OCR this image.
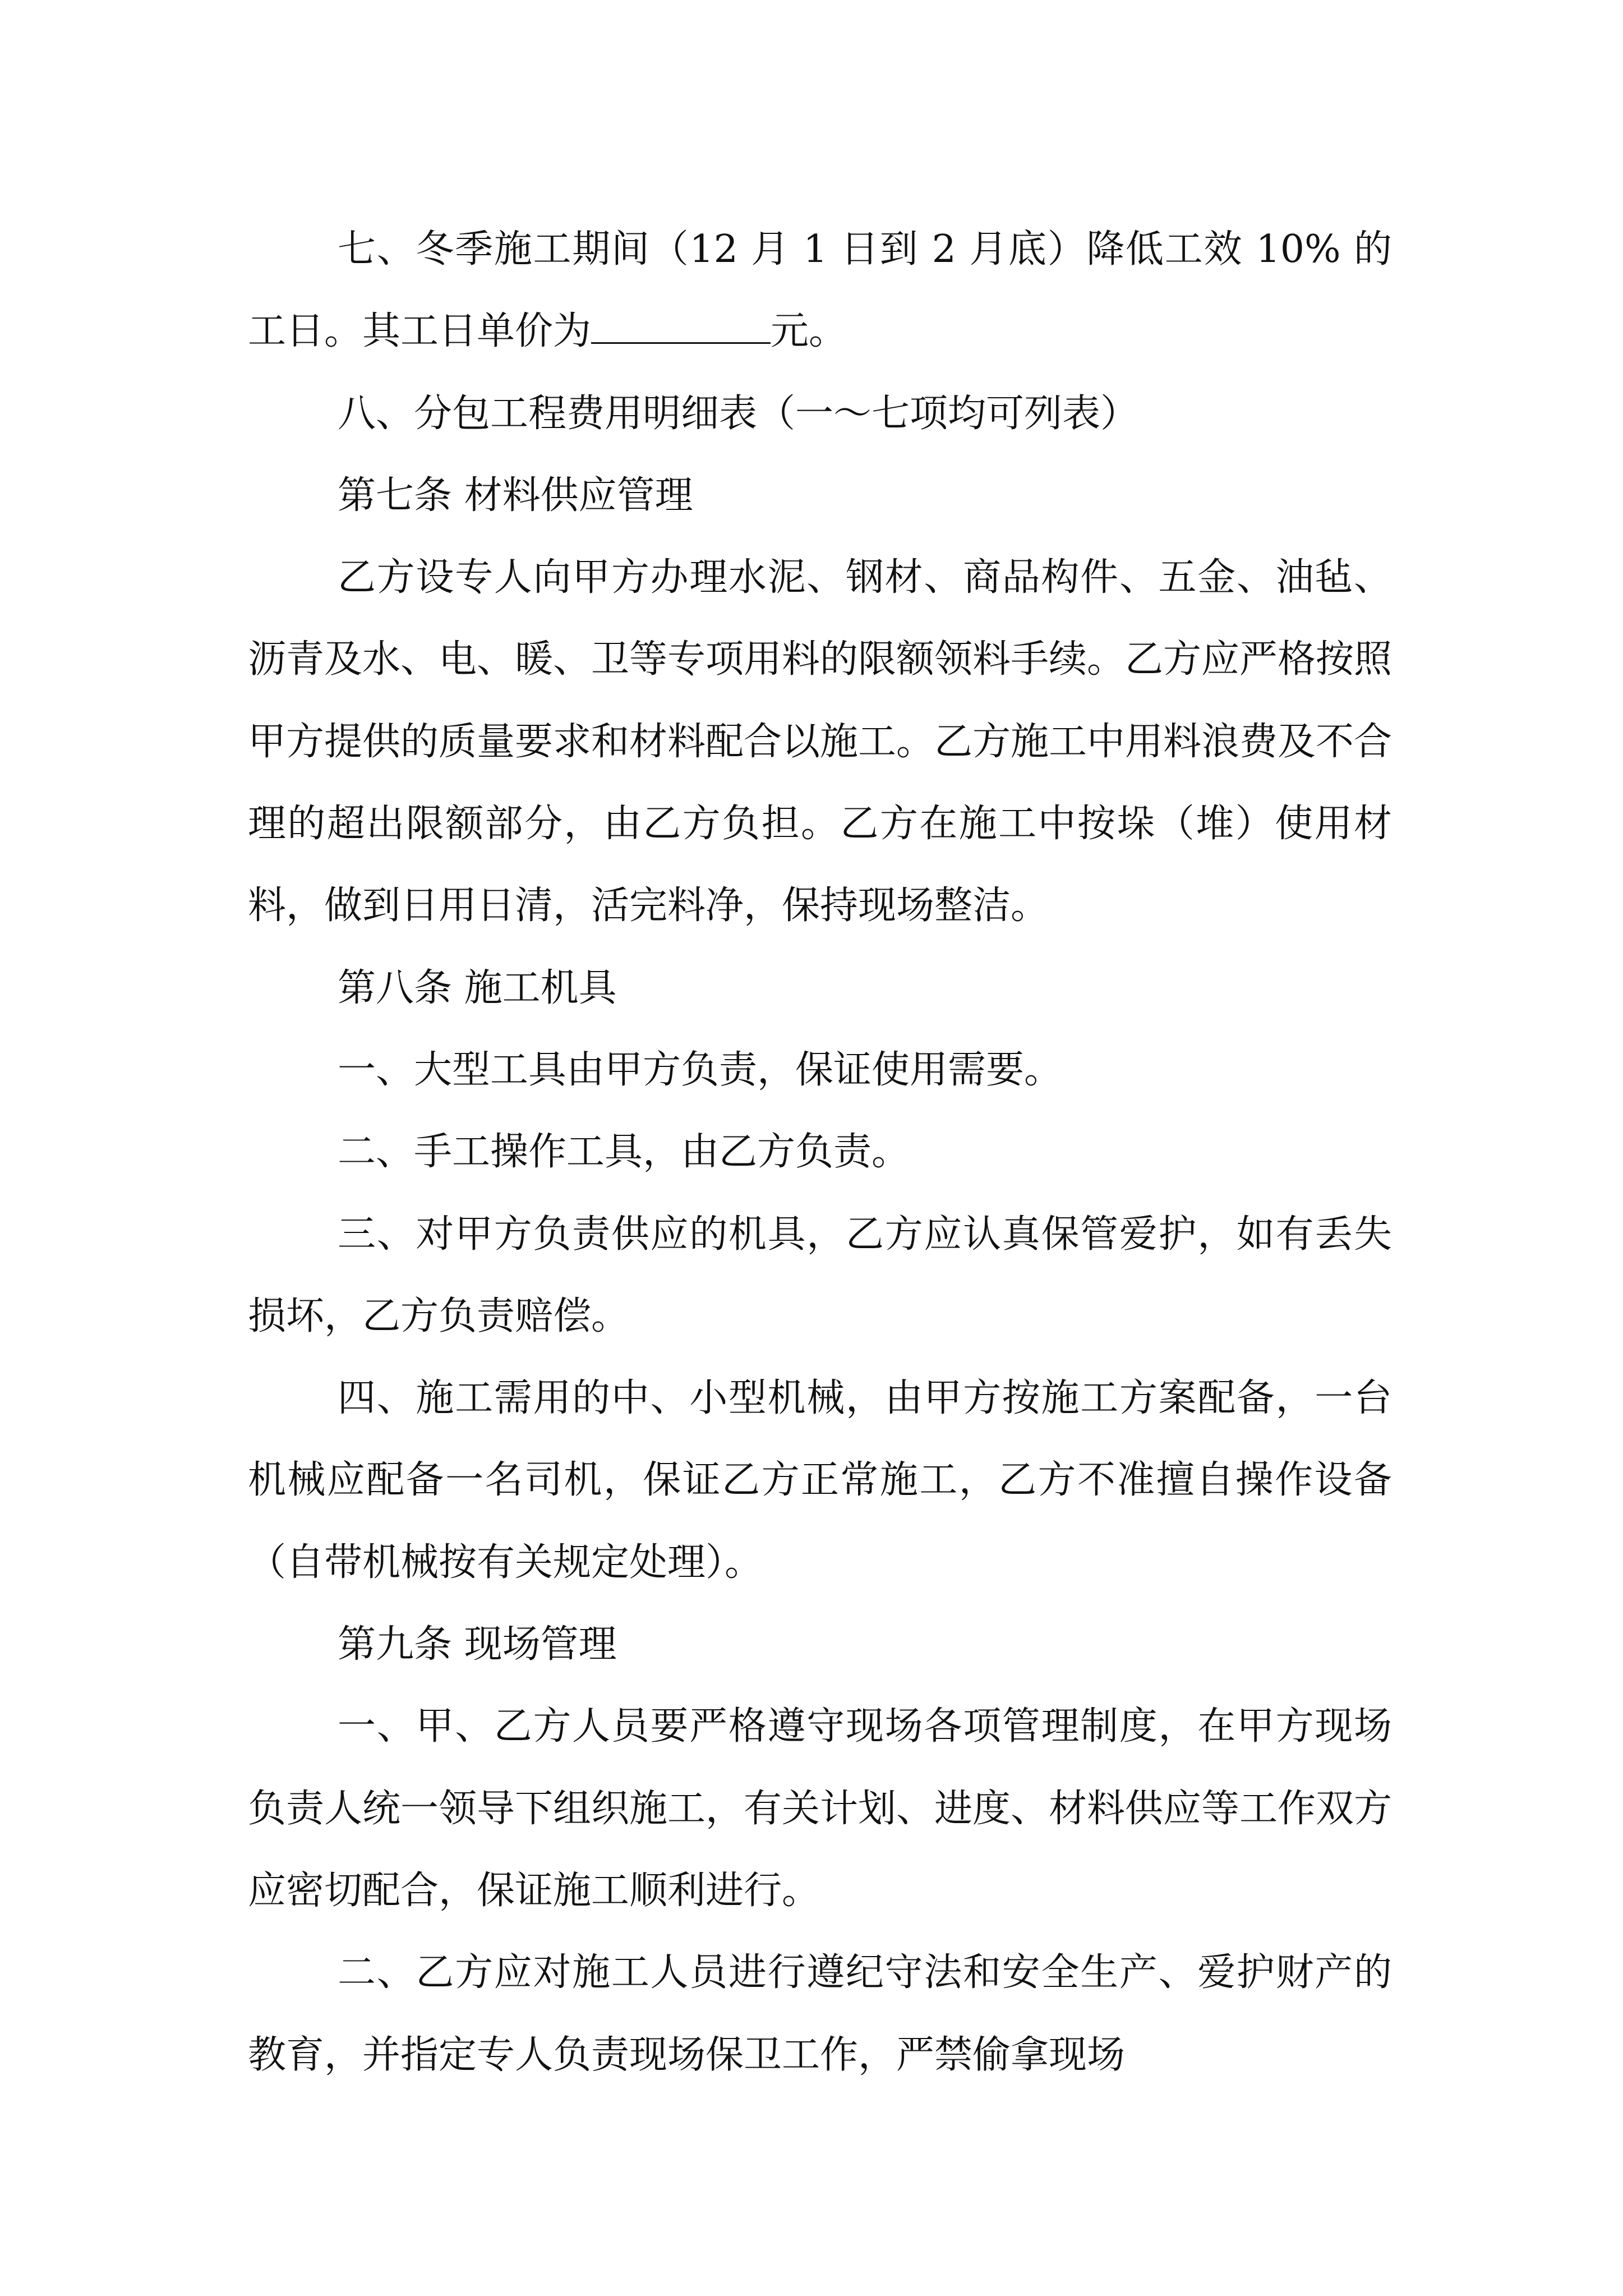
七、冬季施工期间（12 月 1 日到 2 月底）降低工效 10% 的工日。其工日单价为	元。

八、分包工程费用明细表（一～七项均可列表）

第七条 材料供应管理

乙方设专人向甲方办理水泥、钢材、商品构件、五金、油毡、沥青及水、电、暖、卫等专项用料的限额领料手续。乙方应严格按照甲方提供的质量要求和材料配合以施工。乙方施工中用料浪费及不合理的超出限额部分，由乙方负担。乙方在施工中按垛（堆）使用材料，做到日用日清，活完料净，保持现场整洁。

第八条 施工机具

一、大型工具由甲方负责，保证使用需要。

二、手工操作工具，由乙方负责。

三、对甲方负责供应的机具，乙方应认真保管爱护，如有丢失损坏，乙方负责赔偿。

四、施工需用的中、小型机械，由甲方按施工方案配备，一台机械应配备一名司机，保证乙方正常施工，乙方不准擅自操作设备（自带机械按有关规定处理）。

第九条 现场管理

一、甲、乙方人员要严格遵守现场各项管理制度，在甲方现场负责人统一领导下组织施工，有关计划、进度、材料供应等工作双方应密切配合，保证施工顺利进行。

二、乙方应对施工人员进行遵纪守法和安全生产、爱护财产的教育，并指定专人负责现场保卫工作，严禁偷拿现场
